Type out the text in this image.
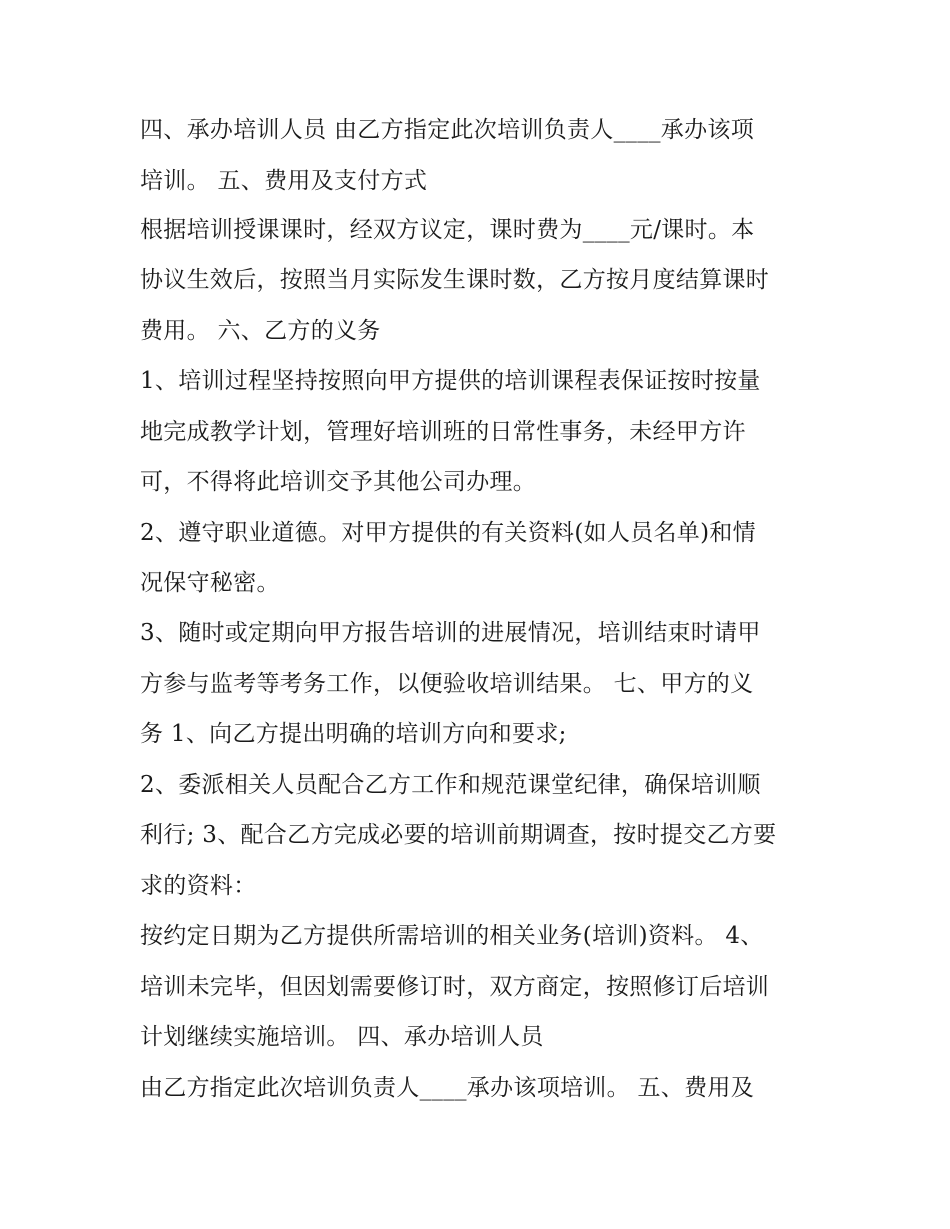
四、承办培训人员 由乙方指定此次培训负责人____承办该项
培训。 五、费用及支付方式
根据培训授课课时，经双方议定，课时费为____元/课时。本
协议生效后，按照当月实际发生课时数，乙方按月度结算课时
费用。 六、乙方的义务
1、培训过程坚持按照向甲方提供的培训课程表保证按时按量
地完成教学计划，管理好培训班的日常性事务，未经甲方许
可，不得将此培训交予其他公司办理。
2、遵守职业道德。对甲方提供的有关资料(如人员名单)和情
况保守秘密。
3、随时或定期向甲方报告培训的进展情况，培训结束时请甲
方参与监考等考务工作，以便验收培训结果。 七、甲方的义
务 1、向乙方提出明确的培训方向和要求;
2、委派相关人员配合乙方工作和规范课堂纪律，确保培训顺
利行; 3、配合乙方完成必要的培训前期调查，按时提交乙方要
求的资料：
按约定日期为乙方提供所需培训的相关业务(培训)资料。 4、
培训未完毕，但因划需要修订时，双方商定，按照修订后培训
计划继续实施培训。 四、承办培训人员
由乙方指定此次培训负责人____承办该项培训。 五、费用及
